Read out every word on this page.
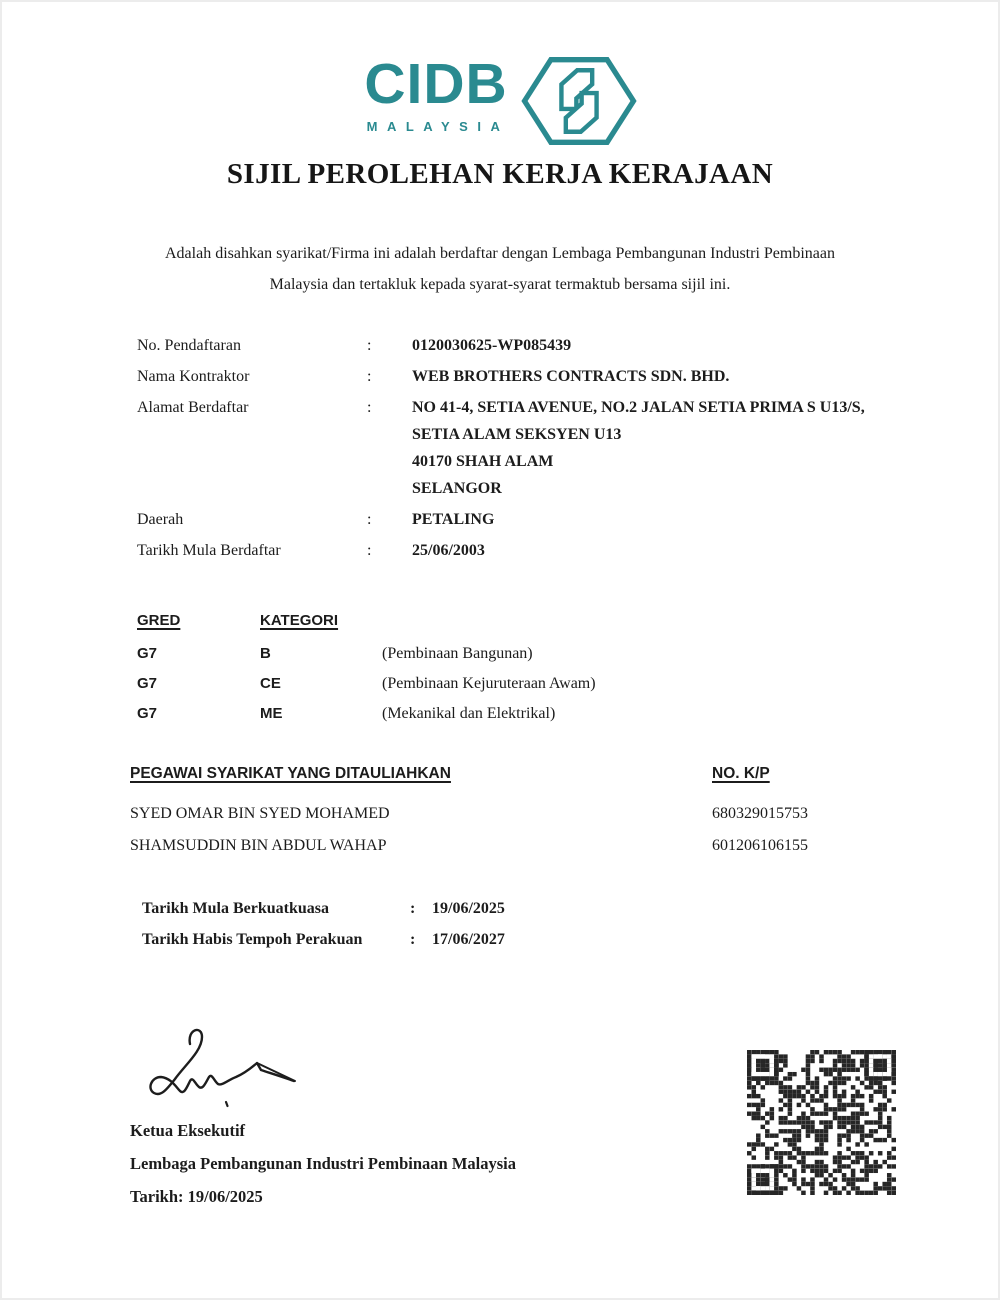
CIDB
MALAYSIA
SIJIL PEROLEHAN KERJA KERAJAAN
Adalah disahkan syarikat/Firma ini adalah berdaftar dengan Lembaga Pembangunan Industri Pembinaan
Malaysia dan tertakluk kepada syarat-syarat termaktub bersama sijil ini.
No. Pendaftaran	:	0120030625-WP085439
Nama Kontraktor	:	WEB BROTHERS CONTRACTS SDN. BHD.
Alamat Berdaftar	:	NO 41-4, SETIA AVENUE, NO.2 JALAN SETIA PRIMA S U13/S,
SETIA ALAM SEKSYEN U13
40170 SHAH ALAM
SELANGOR
Daerah	:	PETALING
Tarikh Mula Berdaftar	:	25/06/2003
GRED	KATEGORI
G7	B	(Pembinaan Bangunan)
G7	CE	(Pembinaan Kejuruteraan Awam)
G7	ME	(Mekanikal dan Elektrikal)
PEGAWAI SYARIKAT YANG DITAULIAHKAN	NO. K/P
SYED OMAR BIN SYED MOHAMED	680329015753
SHAMSUDDIN BIN ABDUL WAHAP	601206106155
Tarikh Mula Berkuatkuasa	:	19/06/2025
Tarikh Habis Tempoh Perakuan	:	17/06/2027
Ketua Eksekutif
Lembaga Pembangunan Industri Pembinaan Malaysia
Tarikh: 19/06/2025
